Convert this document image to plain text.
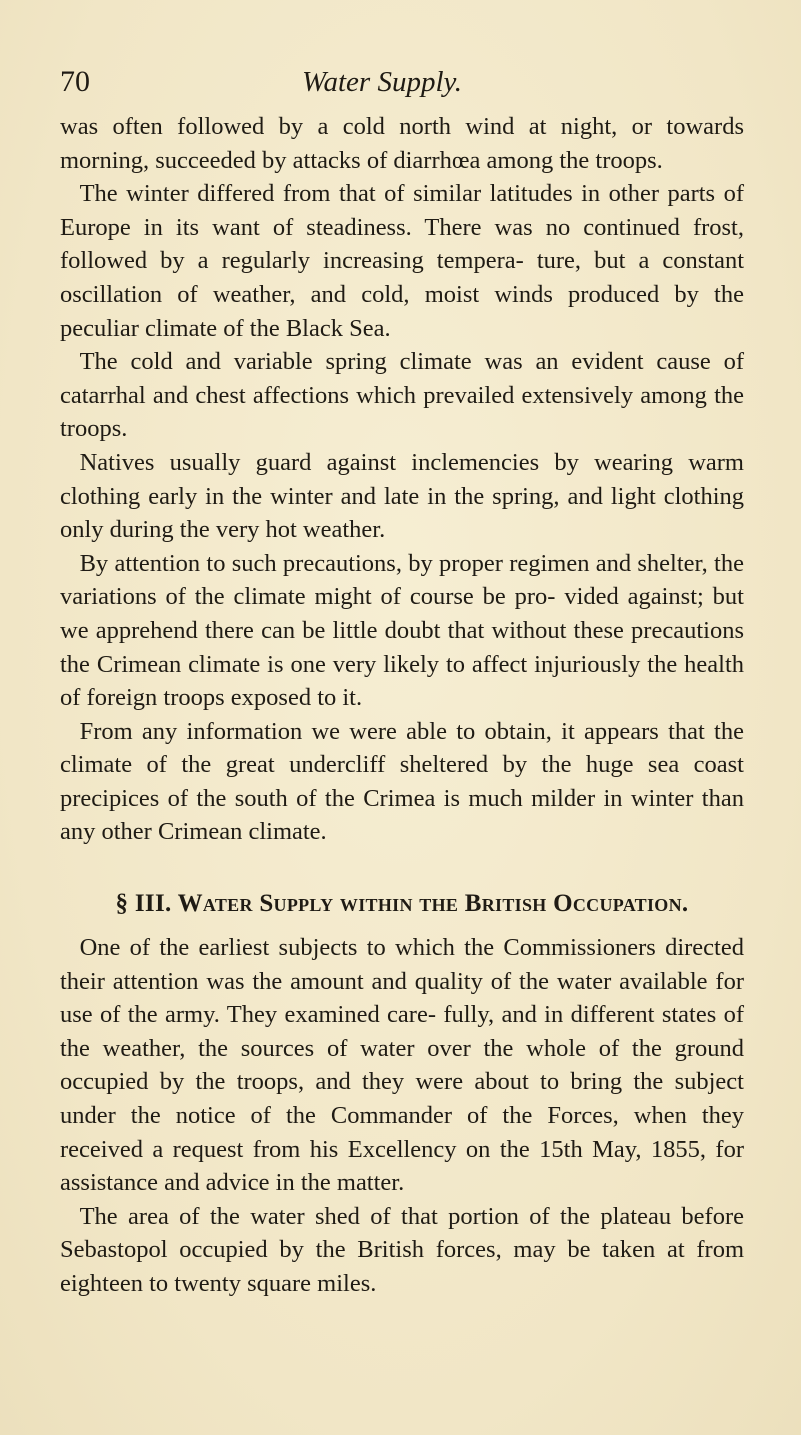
70	Water Supply.

was often followed by a cold north wind at night, or towards morning, succeeded by attacks of diarrhœa among the troops.

The winter differed from that of similar latitudes in other parts of Europe in its want of steadiness. There was no continued frost, followed by a regularly increasing tempera- ture, but a constant oscillation of weather, and cold, moist winds produced by the peculiar climate of the Black Sea.

The cold and variable spring climate was an evident cause of catarrhal and chest affections which prevailed extensively among the troops.

Natives usually guard against inclemencies by wearing warm clothing early in the winter and late in the spring, and light clothing only during the very hot weather.

By attention to such precautions, by proper regimen and shelter, the variations of the climate might of course be pro- vided against; but we apprehend there can be little doubt that without these precautions the Crimean climate is one very likely to affect injuriously the health of foreign troops exposed to it.

From any information we were able to obtain, it appears that the climate of the great undercliff sheltered by the huge sea coast precipices of the south of the Crimea is much milder in winter than any other Crimean climate.

§ III. Water Supply within the British Occupation.

One of the earliest subjects to which the Commissioners directed their attention was the amount and quality of the water available for use of the army. They examined care- fully, and in different states of the weather, the sources of water over the whole of the ground occupied by the troops, and they were about to bring the subject under the notice of the Commander of the Forces, when they received a request from his Excellency on the 15th May, 1855, for assistance and advice in the matter.

The area of the water shed of that portion of the plateau before Sebastopol occupied by the British forces, may be taken at from eighteen to twenty square miles.
